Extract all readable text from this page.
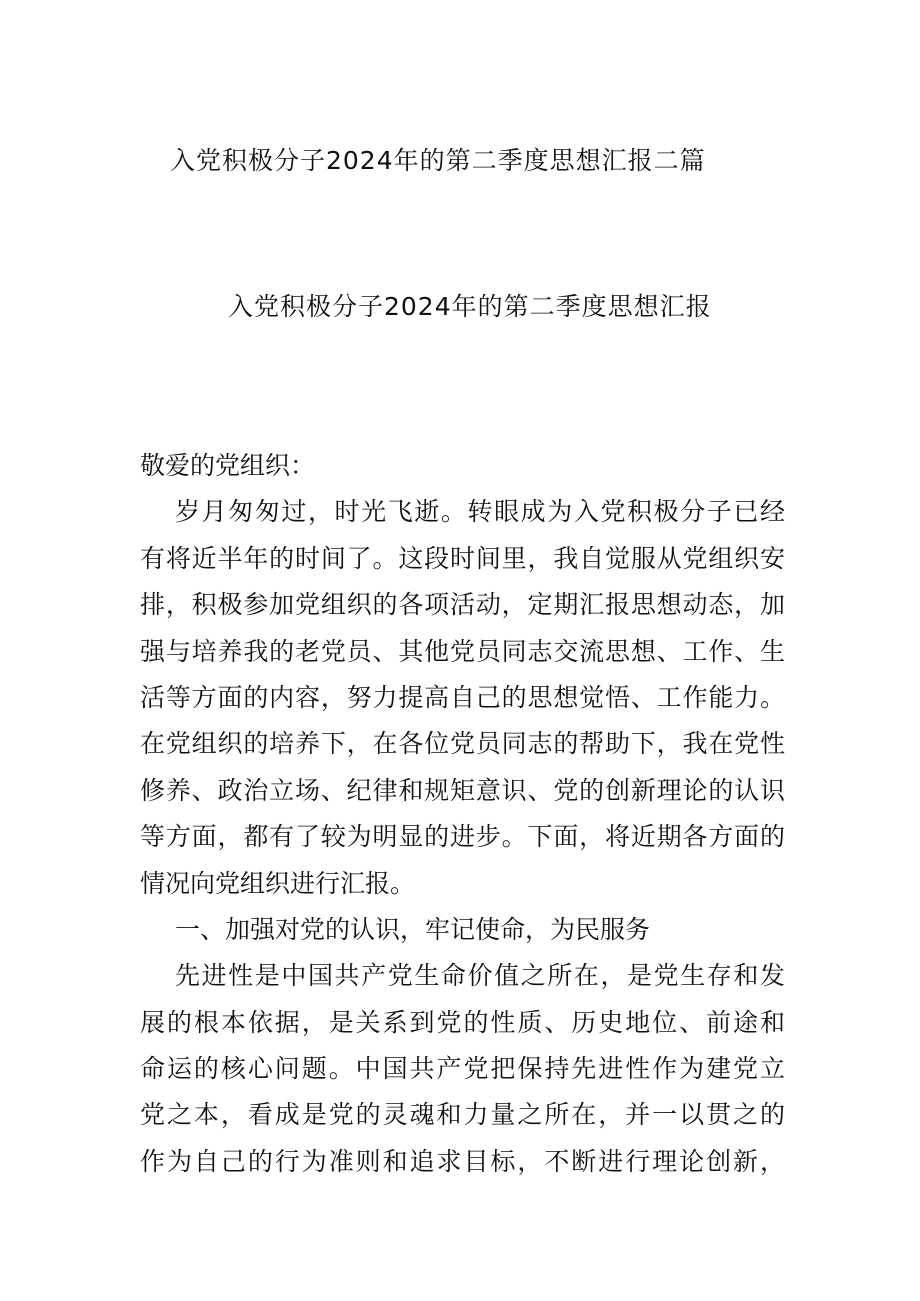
入党积极分子2024年的第二季度思想汇报二篇
入党积极分子2024年的第二季度思想汇报
敬爱的党组织：
岁月匆匆过，时光飞逝。转眼成为入党积极分子已经
有将近半年的时间了。这段时间里，我自觉服从党组织安
排，积极参加党组织的各项活动，定期汇报思想动态，加
强与培养我的老党员、其他党员同志交流思想、工作、生
活等方面的内容，努力提高自己的思想觉悟、工作能力。
在党组织的培养下，在各位党员同志的帮助下，我在党性
修养、政治立场、纪律和规矩意识、党的创新理论的认识
等方面，都有了较为明显的进步。下面，将近期各方面的
情况向党组织进行汇报。
一、加强对党的认识，牢记使命，为民服务
先进性是中国共产党生命价值之所在，是党生存和发
展的根本依据，是关系到党的性质、历史地位、前途和
命运的核心问题。中国共产党把保持先进性作为建党立
党之本，看成是党的灵魂和力量之所在，并一以贯之的
作为自己的行为准则和追求目标，不断进行理论创新，
